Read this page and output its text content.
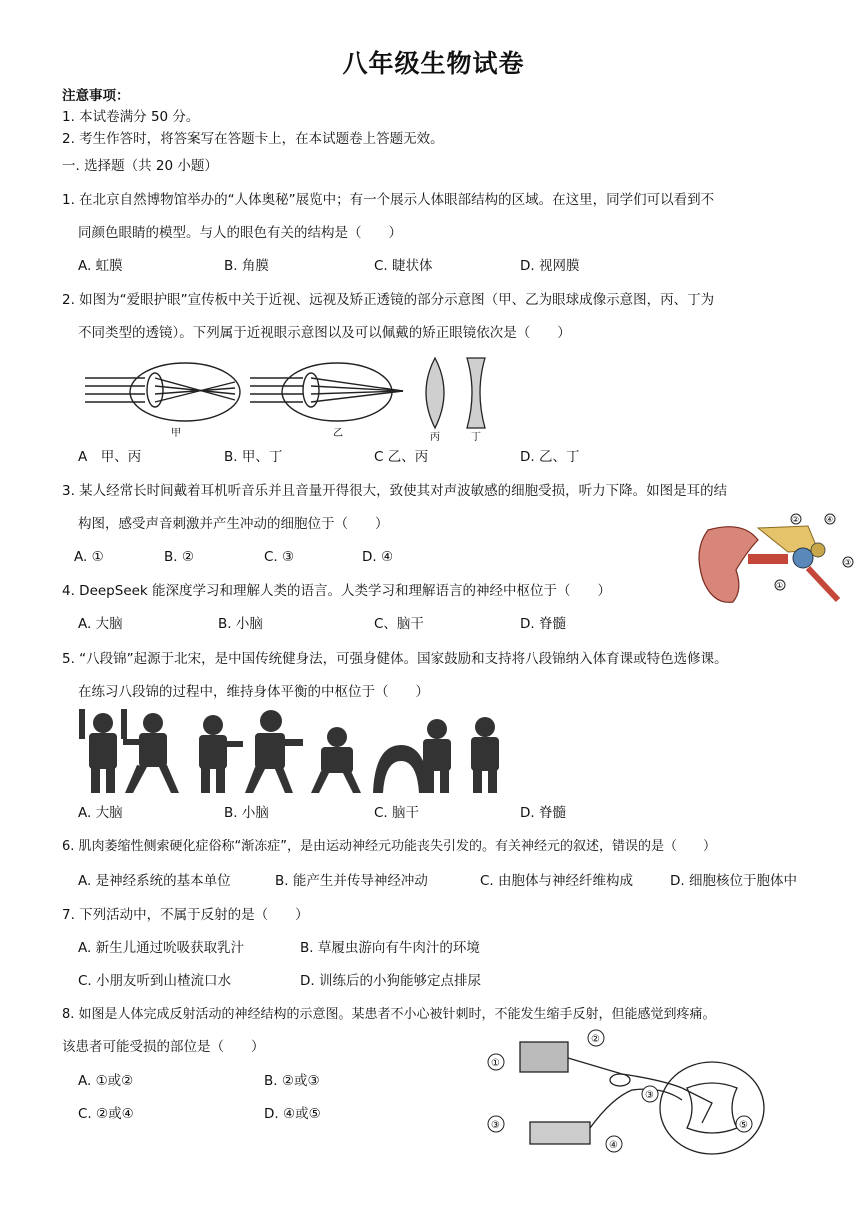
八年级生物试卷
注意事项：
1. 本试卷满分 50 分。
2. 考生作答时，将答案写在答题卡上，在本试题卷上答题无效。
一. 选择题（共 20 小题）
1. 在北京自然博物馆举办的“人体奥秘”展览中；有一个展示人体眼部结构的区域。在这里，同学们可以看到不
同颜色眼睛的模型。与人的眼色有关的结构是（　　）
A. 虹膜	B. 角膜	C. 睫状体	D. 视网膜
2. 如图为“爱眼护眼”宣传板中关于近视、远视及矫正透镜的部分示意图（甲、乙为眼球成像示意图，丙、丁为
不同类型的透镜）。下列属于近视眼示意图以及可以佩戴的矫正眼镜依次是（　　）
甲	乙	丙	丁
A　甲、丙	B. 甲、丁	C 乙、丙	D. 乙、丁
3. 某人经常长时间戴着耳机听音乐并且音量开得很大，致使其对声波敏感的细胞受损，听力下降。如图是耳的结
构图，感受声音刺激并产生冲动的细胞位于（　　）
A. ①	B. ②	C. ③	D. ④
②	④
③
①
4. DeepSeek 能深度学习和理解人类的语言。人类学习和理解语言的神经中枢位于（　　）
A. 大脑	B. 小脑	C、脑干	D. 脊髓
5. “八段锦”起源于北宋，是中国传统健身法，可强身健体。国家鼓励和支持将八段锦纳入体育课或特色选修课。
在练习八段锦的过程中，维持身体平衡的中枢位于（　　）
A. 大脑	B. 小脑	C. 脑干	D. 脊髓
6. 肌肉萎缩性侧索硬化症俗称“渐冻症”，是由运动神经元功能丧失引发的。有关神经元的叙述，错误的是（　　）
A. 是神经系统的基本单位	B. 能产生并传导神经冲动	C. 由胞体与神经纤维构成	D. 细胞核位于胞体中
7. 下列活动中，不属于反射的是（　　）
A. 新生儿通过吮吸获取乳汁	B. 草履虫游向有牛肉汁的环境
C. 小朋友听到山楂流口水	D. 训练后的小狗能够定点排尿
8. 如图是人体完成反射活动的神经结构的示意图。某患者不小心被针刺时，不能发生缩手反射，但能感觉到疼痛。
该患者可能受损的部位是（　　）
A. ①或②	B. ②或③
C. ②或④	D. ④或⑤
①
②
③
③
④
⑤
